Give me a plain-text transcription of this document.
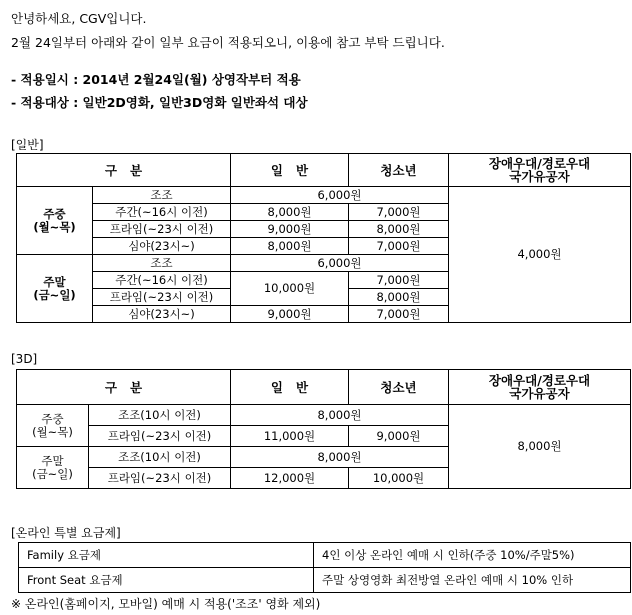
안녕하세요, CGV입니다.
2월 24일부터 아래와 같이 일부 요금이 적용되오니, 이용에 참고 부탁 드립니다.
- 적용일시 : 2014년 2월24일(월) 상영작부터 적용
- 적용대상 : 일반2D영화, 일반3D영화 일반좌석 대상
[일반]
구   분		일   반	청소년	장애우대/경로우대
국가유공자
주중
(월~목)	조조	6,000원		4,000원
	주간(~16시 이전)	8,000원	7,000원	
	프라임(~23시 이전)	9,000원	8,000원	
	심야(23시~)	8,000원	7,000원	
주말
(금~일)	조조	6,000원		
	주간(~16시 이전)	10,000원	7,000원	
	프라임(~23시 이전)		8,000원	
	심야(23시~)	9,000원	7,000원	
[3D]
구   분		일   반	청소년	장애우대/경로우대
국가유공자
주중
(월~목)	조조(10시 이전)	8,000원		8,000원
	프라임(~23시 이전)	11,000원	9,000원	
주말
(금~일)	조조(10시 이전)	8,000원		
	프라임(~23시 이전)	12,000원	10,000원	
[온라인 특별 요금제]
Family 요금제	4인 이상 온라인 예매 시 인하(주중 10%/주말5%)
Front Seat 요금제	주말 상영영화 최전방열 온라인 예매 시 10% 인하
※ 온라인(홈페이지, 모바일) 예매 시 적용('조조' 영화 제외)
